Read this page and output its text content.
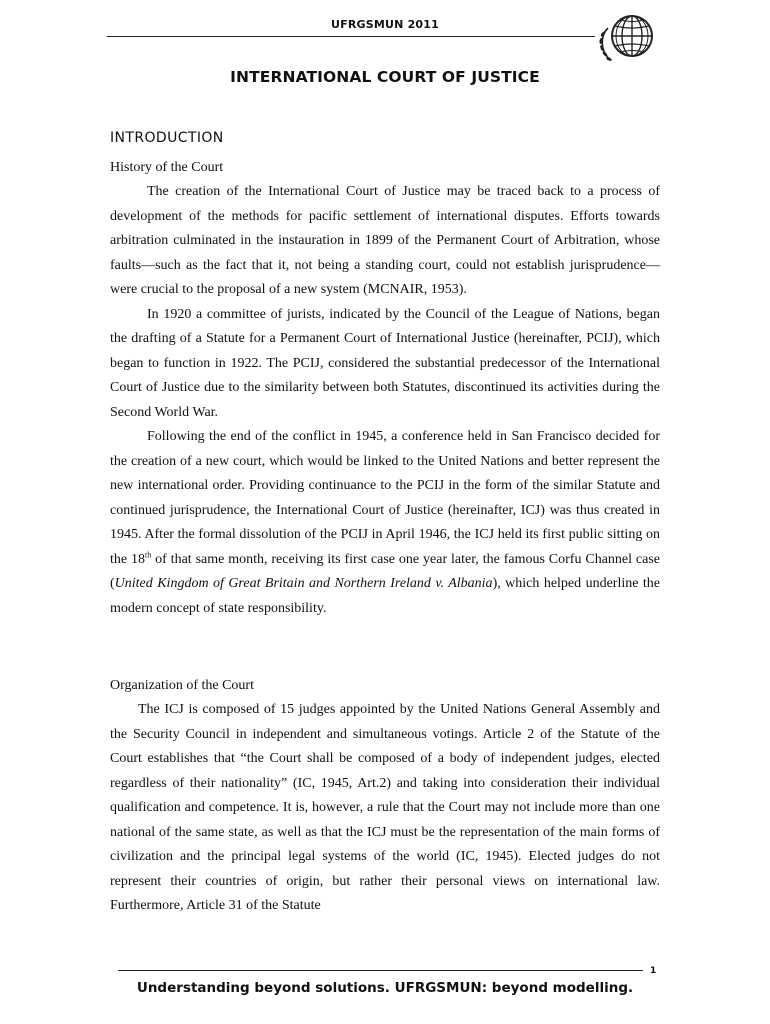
UFRGSMUN 2011
INTERNATIONAL COURT OF JUSTICE
INTRODUCTION
History of the Court

The creation of the International Court of Justice may be traced back to a process of development of the methods for pacific settlement of international disputes. Efforts towards arbitration culminated in the instauration in 1899 of the Permanent Court of Arbitration, whose faults—such as the fact that it, not being a standing court, could not establish jurisprudence—were crucial to the proposal of a new system (MCNAIR, 1953).

In 1920 a committee of jurists, indicated by the Council of the League of Nations, began the drafting of a Statute for a Permanent Court of International Justice (hereinafter, PCIJ), which began to function in 1922. The PCIJ, considered the substantial predecessor of the International Court of Justice due to the similarity between both Statutes, discontinued its activities during the Second World War.

Following the end of the conflict in 1945, a conference held in San Francisco decided for the creation of a new court, which would be linked to the United Nations and better represent the new international order. Providing continuance to the PCIJ in the form of the similar Statute and continued jurisprudence, the International Court of Justice (hereinafter, ICJ) was thus created in 1945. After the formal dissolution of the PCIJ in April 1946, the ICJ held its first public sitting on the 18th of that same month, receiving its first case one year later, the famous Corfu Channel case (United Kingdom of Great Britain and Northern Ireland v. Albania), which helped underline the modern concept of state responsibility.

Organization of the Court

The ICJ is composed of 15 judges appointed by the United Nations General Assembly and the Security Council in independent and simultaneous votings. Article 2 of the Statute of the Court establishes that “the Court shall be composed of a body of independent judges, elected regardless of their nationality” (IC, 1945, Art.2) and taking into consideration their individual qualification and competence. It is, however, a rule that the Court may not include more than one national of the same state, as well as that the ICJ must be the representation of the main forms of civilization and the principal legal systems of the world (IC, 1945). Elected judges do not represent their countries of origin, but rather their personal views on international law. Furthermore, Article 31 of the Statute

1
Understanding beyond solutions. UFRGSMUN: beyond modelling.
